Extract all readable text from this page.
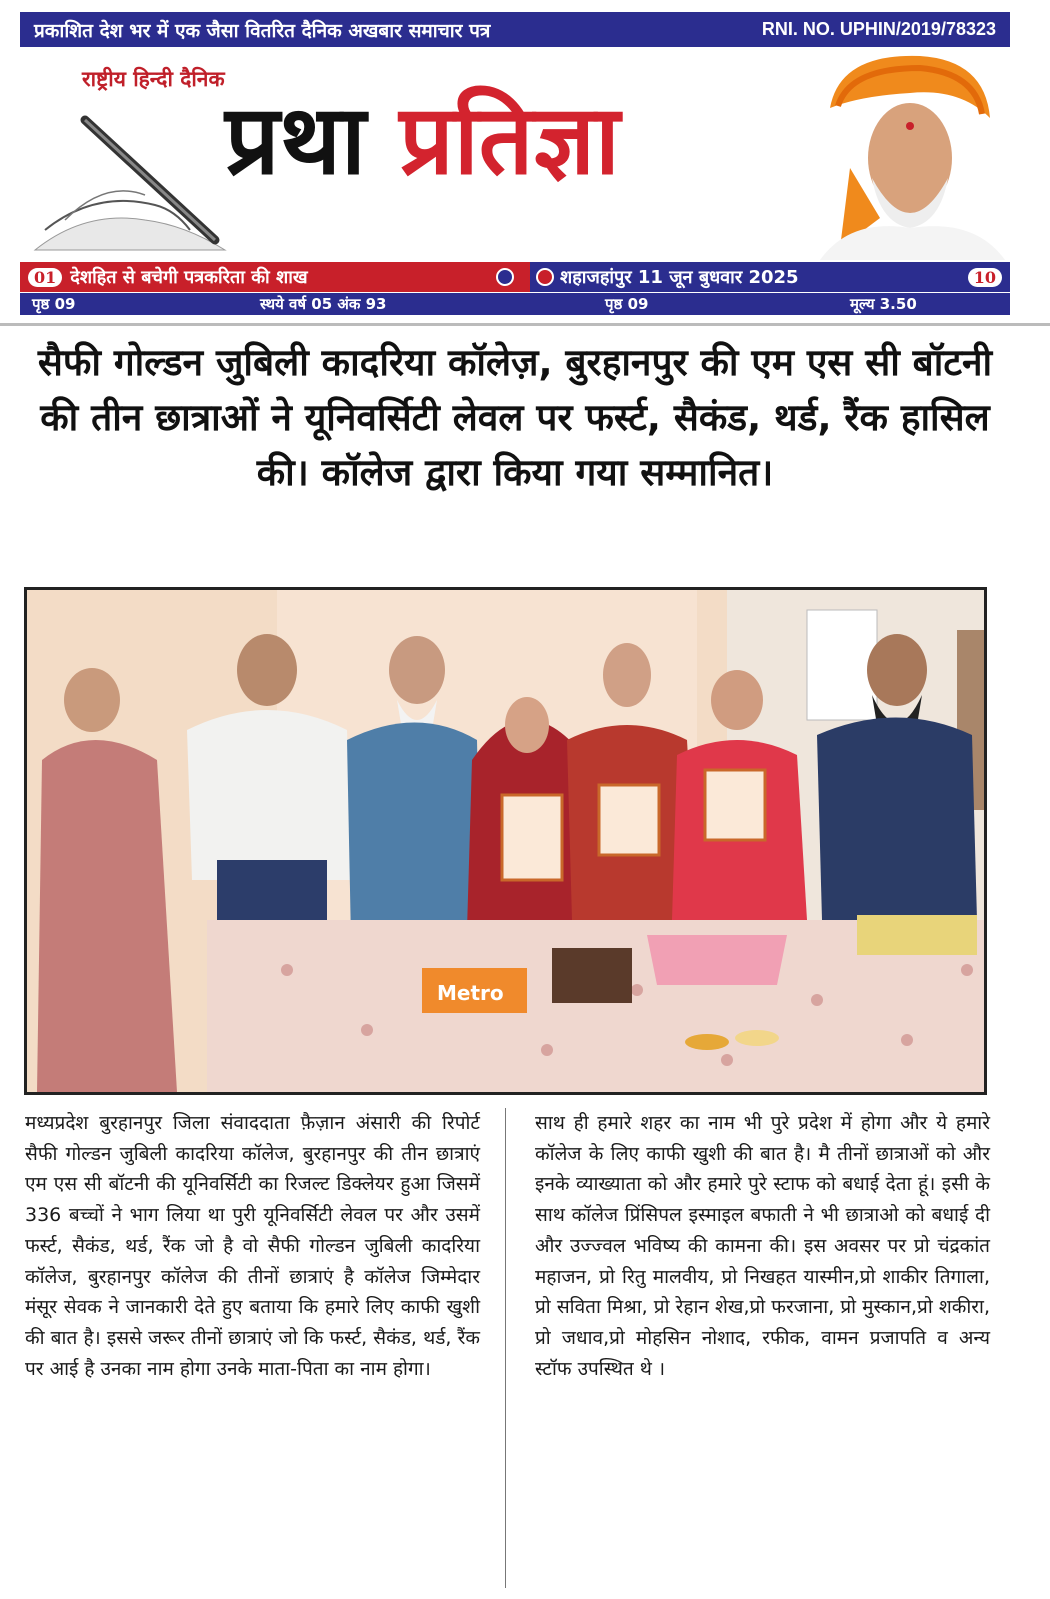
प्रकाशित देश भर में एक जैसा वितरित दैनिक अखबार समाचार पत्र	RNI. NO. UPHIN/2019/78323
राष्ट्रीय हिन्दी दैनिक
प्रथा प्रतिज्ञा
01 देशहित से बचेगी पत्रकरिता की शाख	शहाजहांपुर 11 जून बुधवार 2025	10
पृष्ठ 09	स्थये वर्ष 05 अंक 93	पृष्ठ 09	मूल्य 3.50
सैफी गोल्डन जुबिली कादरिया कॉलेज़, बुरहानपुर की एम एस सी बॉटनी की तीन छात्राओं ने यूनिवर्सिटी लेवल पर फर्स्ट, सैकंड, थर्ड, रैंक हासिल की। कॉलेज द्वारा किया गया सम्मानित।
Metro
मध्यप्रदेश बुरहानपुर जिला संवाददाता फ़ैज़ान अंसारी की रिपोर्ट सैफी गोल्डन जुबिली कादरिया कॉलेज, बुरहानपुर की तीन छात्राएं एम एस सी बॉटनी की यूनिवर्सिटी का रिजल्ट डिक्लेयर हुआ जिसमें 336 बच्चों ने भाग लिया था पुरी यूनिवर्सिटी लेवल पर और उसमें फर्स्ट, सैकंड, थर्ड, रैंक जो है वो सैफी गोल्डन जुबिली कादरिया कॉलेज, बुरहानपुर कॉलेज की तीनों छात्राएं है कॉलेज जिम्मेदार मंसूर सेवक ने जानकारी देते हुए बताया कि हमारे लिए काफी खुशी की बात है। इससे जरूर तीनों छात्राएं जो कि फर्स्ट, सैकंड, थर्ड, रैंक पर आई है उनका नाम होगा उनके माता-पिता का नाम होगा।
साथ ही हमारे शहर का नाम भी पुरे प्रदेश में होगा और ये हमारे कॉलेज के लिए काफी खुशी की बात है। मै तीनों छात्राओं को और इनके व्याख्याता को और हमारे पुरे स्टाफ को बधाई देता हूं। इसी के साथ कॉलेज प्रिंसिपल इस्माइल बफाती ने भी छात्राओ को बधाई दी और उज्ज्वल भविष्य की कामना की। इस अवसर पर प्रो चंद्रकांत महाजन, प्रो रितु मालवीय, प्रो निखहत यास्मीन,प्रो शाकीर तिगाला, प्रो सविता मिश्रा, प्रो रेहान शेख,प्रो फरजाना, प्रो मुस्कान,प्रो शकीरा, प्रो जधाव,प्रो मोहसिन नोशाद, रफीक, वामन प्रजापति व अन्य स्टॉफ उपस्थित थे ।
